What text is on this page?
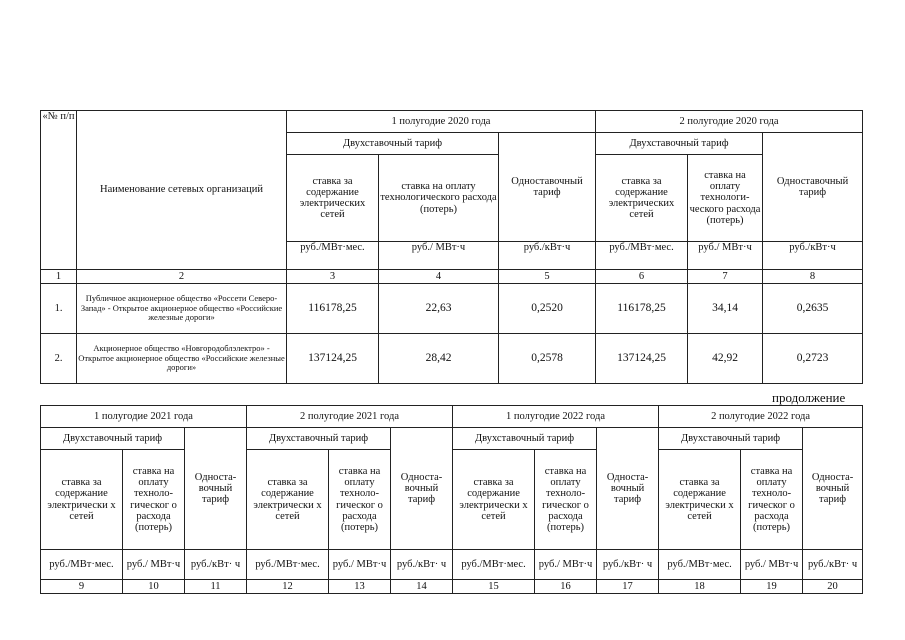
«№ п/п	Наименование сетевых организаций	1 полугодие 2020 года			2 полугодие 2020 года		
		Двухставочный тариф		Одноставочный тариф	Двухставочный тариф		Одноставочный тариф
		ставка за содержание электрических сетей	ставка на оплату технологического расхода (потерь)		ставка за содержание электрических сетей	ставка на оплату технологи-ческого расхода (потерь)	
		руб./МВт·мес.	руб./ МВт·ч	руб./кВт·ч	руб./МВт·мес.	руб./ МВт·ч	руб./кВт·ч
1	2	3	4	5	6	7	8
1.	Публичное акционерное общество «Россети Северо-Запад» - Открытое акционерное общество «Российские железные дороги»	116178,25	22,63	0,2520	116178,25	34,14	0,2635
2.	Акционерное общество «Новгородоблэлектро» - Открытое акционерное общество «Российские железные дороги»	137124,25	28,42	0,2578	137124,25	42,92	0,2723
продолжение
1 полугодие 2021 года			2 полугодие 2021 года			1 полугодие 2022 года			2 полугодие 2022 года		
Двухставочный тариф		Односта-вочный тариф	Двухставочный тариф		Односта-вочный тариф	Двухставочный тариф		Односта-вочный тариф	Двухставочный тариф		Односта-вочный тариф
ставка за содержание электрически х сетей	ставка на оплату техноло-гическог о расхода (потерь)		ставка за содержание электрически х сетей	ставка на оплату техноло-гическог о расхода (потерь)		ставка за содержание электрически х сетей	ставка на оплату техноло-гическог о расхода (потерь)		ставка за содержание электрически х сетей	ставка на оплату техноло-гическог о расхода (потерь)	
руб./МВт·мес.	руб./ МВт·ч	руб./кВт· ч	руб./МВт·мес.	руб./ МВт·ч	руб./кВт· ч	руб./МВт·мес.	руб./ МВт·ч	руб./кВт· ч	руб./МВт·мес.	руб./ МВт·ч	руб./кВт· ч
9	10	11	12	13	14	15	16	17	18	19	20
